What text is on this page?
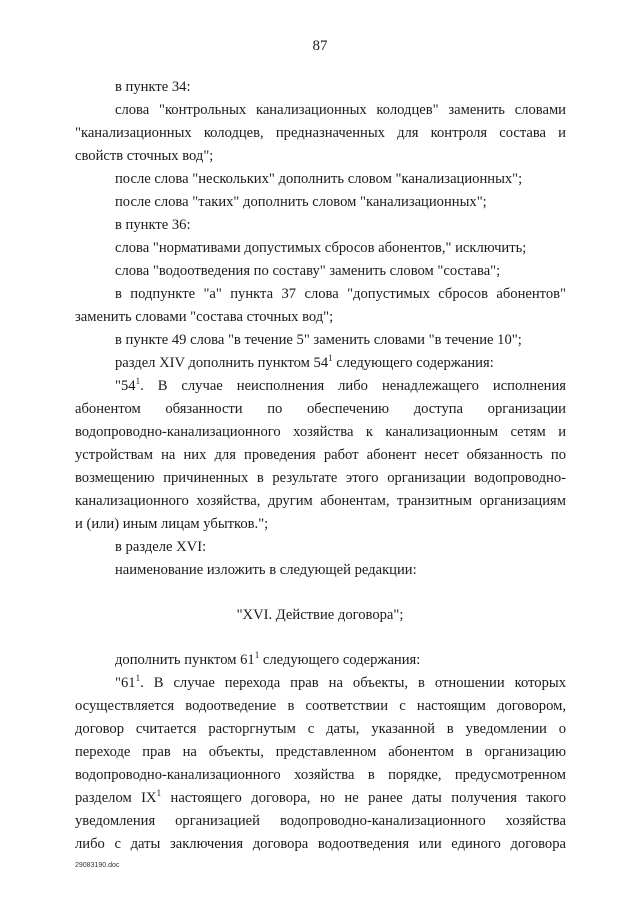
87
в пункте 34:
слова "контрольных канализационных колодцев" заменить словами
"канализационных колодцев, предназначенных для контроля состава и
свойств сточных вод";
после слова "нескольких" дополнить словом "канализационных";
после слова "таких" дополнить словом "канализационных";
в пункте 36:
слова "нормативами допустимых сбросов абонентов," исключить;
слова "водоотведения по составу" заменить словом "состава";
в подпункте "а" пункта 37 слова "допустимых сбросов абонентов"
заменить словами "состава сточных вод";
в пункте 49 слова "в течение 5" заменить словами "в течение 10";
раздел XIV дополнить пунктом $54^1$ следующего содержания:
"$54^1$. В случае неисполнения либо ненадлежащего исполнения
абонентом обязанности по обеспечению доступа организации
водопроводно-канализационного хозяйства к канализационным сетям и
устройствам на них для проведения работ абонент несет обязанность по
возмещению причиненных в результате этого организации водопроводно-
канализационного хозяйства, другим абонентам, транзитным организациям
и (или) иным лицам убытков.";
в разделе XVI:
наименование изложить в следующей редакции:
"XVI. Действие договора";
дополнить пунктом $61^1$ следующего содержания:
"$61^1$. В случае перехода прав на объекты, в отношении которых
осуществляется водоотведение в соответствии с настоящим договором,
договор считается расторгнутым с даты, указанной в уведомлении о
переходе прав на объекты, представленном абонентом в организацию
водопроводно-канализационного хозяйства в порядке, предусмотренном
разделом $IX^1$ настоящего договора, но не ранее даты получения такого
уведомления организацией водопроводно-канализационного хозяйства
либо с даты заключения договора водоотведения или единого договора
29083190.doc
